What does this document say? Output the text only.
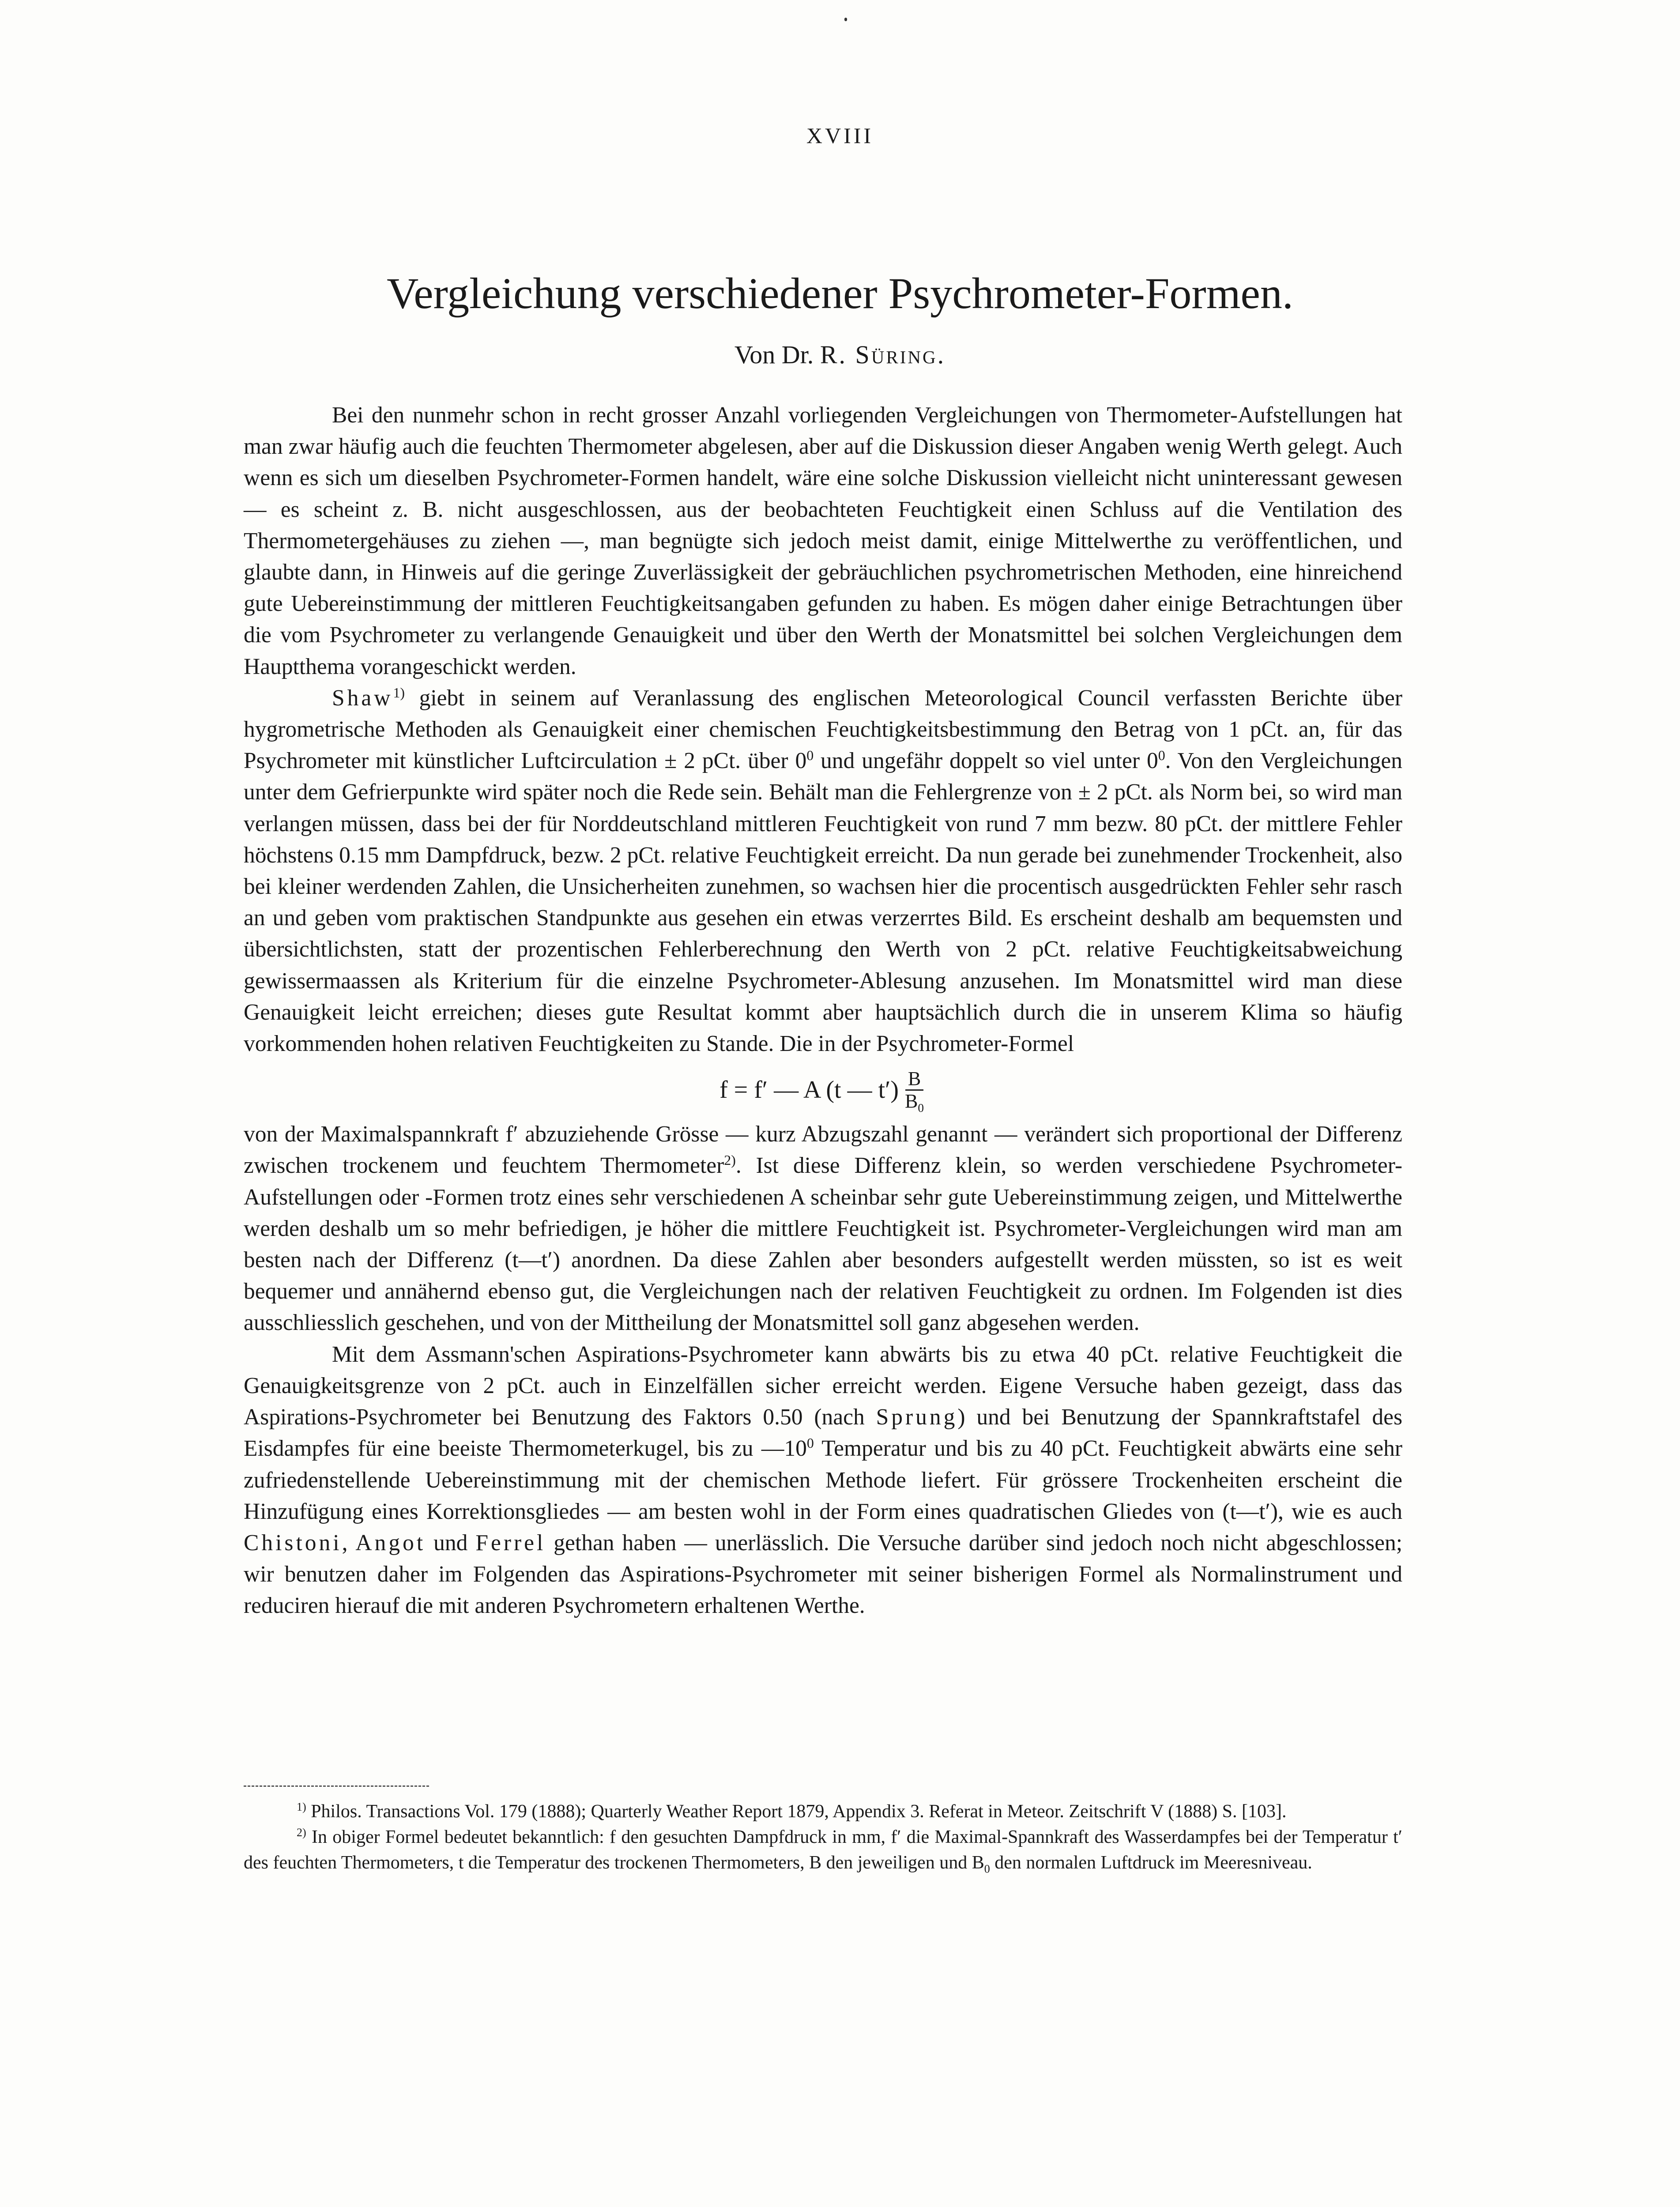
XVIII
Vergleichung verschiedener Psychrometer-Formen.
Von Dr. R. Süring.

Bei den nunmehr schon in recht grosser Anzahl vorliegenden Vergleichungen von Thermometer-Aufstellungen hat man zwar häufig auch die feuchten Thermometer abgelesen, aber auf die Diskussion dieser Angaben wenig Werth gelegt. Auch wenn es sich um dieselben Psychrometer-Formen handelt, wäre eine solche Diskussion vielleicht nicht uninteressant gewesen — es scheint z. B. nicht ausgeschlossen, aus der beobachteten Feuchtigkeit einen Schluss auf die Ventilation des Thermometergehäuses zu ziehen —, man begnügte sich jedoch meist damit, einige Mittelwerthe zu veröffentlichen, und glaubte dann, in Hinweis auf die geringe Zuverlässigkeit der gebräuchlichen psychrometrischen Methoden, eine hinreichend gute Uebereinstimmung der mittleren Feuchtigkeitsangaben gefunden zu haben. Es mögen daher einige Betrachtungen über die vom Psychrometer zu verlangende Genauigkeit und über den Werth der Monatsmittel bei solchen Vergleichungen dem Hauptthema vorangeschickt werden.

Shaw$^{1)}$ giebt in seinem auf Veranlassung des englischen Meteorological Council verfassten Berichte über hygrometrische Methoden als Genauigkeit einer chemischen Feuchtigkeitsbestimmung den Betrag von 1 pCt. an, für das Psychrometer mit künstlicher Luftcirculation ± 2 pCt. über $0^0$ und ungefähr doppelt so viel unter $0^0$. Von den Vergleichungen unter dem Gefrierpunkte wird später noch die Rede sein. Behält man die Fehlergrenze von ± 2 pCt. als Norm bei, so wird man verlangen müssen, dass bei der für Norddeutschland mittleren Feuchtigkeit von rund 7 mm bezw. 80 pCt. der mittlere Fehler höchstens 0.15 mm Dampfdruck, bezw. 2 pCt. relative Feuchtigkeit erreicht. Da nun gerade bei zunehmender Trockenheit, also bei kleiner werdenden Zahlen, die Unsicherheiten zunehmen, so wachsen hier die procentisch ausgedrückten Fehler sehr rasch an und geben vom praktischen Standpunkte aus gesehen ein etwas verzerrtes Bild. Es erscheint deshalb am bequemsten und übersichtlichsten, statt der prozentischen Fehlerberechnung den Werth von 2 pCt. relative Feuchtigkeitsabweichung gewissermaassen als Kriterium für die einzelne Psychrometer-Ablesung anzusehen. Im Monatsmittel wird man diese Genauigkeit leicht erreichen; dieses gute Resultat kommt aber hauptsächlich durch die in unserem Klima so häufig vorkommenden hohen relativen Feuchtigkeiten zu Stande. Die in der Psychrometer-Formel

f = f′ — A (t — $t') \frac{B}{B_0}$

von der Maximalspannkraft f′ abzuziehende Grösse — kurz Abzugszahl genannt — verändert sich proportional der Differenz zwischen trockenem und feuchtem Thermometer$^{2)}$. Ist diese Differenz klein, so werden verschiedene Psychrometer-Aufstellungen oder -Formen trotz eines sehr verschiedenen A scheinbar sehr gute Uebereinstimmung zeigen, und Mittelwerthe werden deshalb um so mehr befriedigen, je höher die mittlere Feuchtigkeit ist. Psychrometer-Vergleichungen wird man am besten nach der Differenz (t—t′) anordnen. Da diese Zahlen aber besonders aufgestellt werden müssten, so ist es weit bequemer und annähernd ebenso gut, die Vergleichungen nach der relativen Feuchtigkeit zu ordnen. Im Folgenden ist dies ausschliesslich geschehen, und von der Mittheilung der Monatsmittel soll ganz abgesehen werden.

Mit dem Assmann'schen Aspirations-Psychrometer kann abwärts bis zu etwa 40 pCt. relative Feuchtigkeit die Genauigkeitsgrenze von 2 pCt. auch in Einzelfällen sicher erreicht werden. Eigene Versuche haben gezeigt, dass das Aspirations-Psychrometer bei Benutzung des Faktors 0.50 (nach Sprung) und bei Benutzung der Spannkraftstafel des Eisdampfes für eine beeiste Thermometerkugel, bis zu $—10^0$ Temperatur und bis zu 40 pCt. Feuchtigkeit abwärts eine sehr zufriedenstellende Uebereinstimmung mit der chemischen Methode liefert. Für grössere Trockenheiten erscheint die Hinzufügung eines Korrektionsgliedes — am besten wohl in der Form eines quadratischen Gliedes von (t—t′), wie es auch Chistoni, Angot und Ferrel gethan haben — unerlässlich. Die Versuche darüber sind jedoch noch nicht abgeschlossen; wir benutzen daher im Folgenden das Aspirations-Psychrometer mit seiner bisherigen Formel als Normalinstrument und reduciren hierauf die mit anderen Psychrometern erhaltenen Werthe.

$^{1)}$ Philos. Transactions Vol. 179 (1888); Quarterly Weather Report 1879, Appendix 3. Referat in Meteor. Zeitschrift V (1888) S. [103].

$^{2)}$ In obiger Formel bedeutet bekanntlich: f den gesuchten Dampfdruck in mm, f′ die Maximal-Spannkraft des Wasserdampfes bei der Temperatur t′ des feuchten Thermometers, t die Temperatur des trockenen Thermometers, B den jeweiligen und $B_0$ den normalen Luftdruck im Meeresniveau.
